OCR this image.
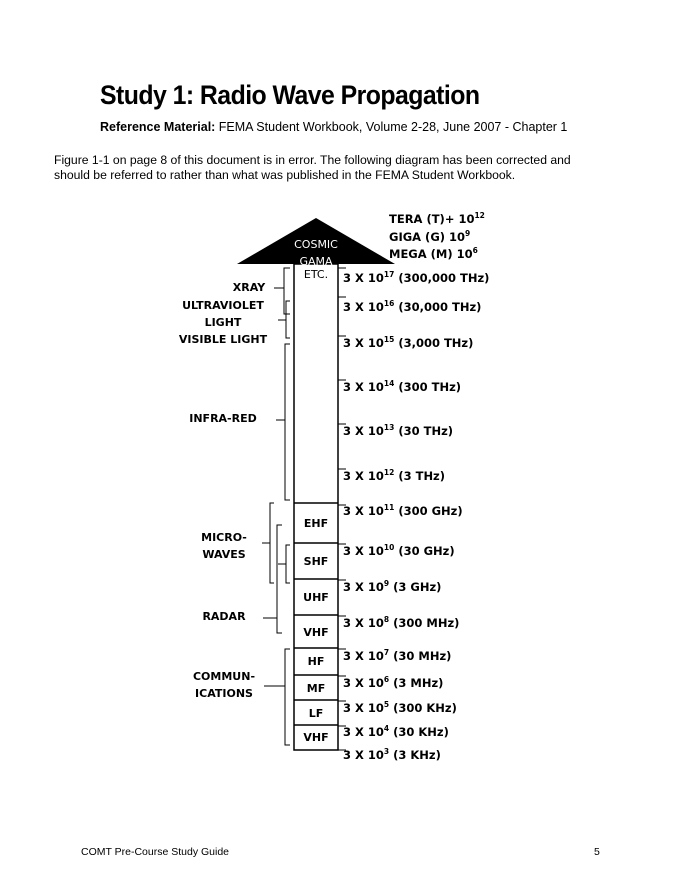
Study 1: Radio Wave Propagation
Reference Material: FEMA Student Workbook, Volume 2-28, June 2007 - Chapter 1
Figure 1-1 on page 8 of this document is in error. The following diagram has been corrected and
should be referred to rather than what was published in the FEMA Student Workbook.
TERA $(T)+ 10^{12}$
GIGA (G) $10^9$
MEGA (M) $10^6$
COSMIC
GAMA
ETC.
EHF
SHF
UHF
VHF
HF
MF
LF
VHF
XRAY
ULTRAVIOLET
LIGHT
VISIBLE LIGHT
INFRA-RED
MICRO-
WAVES
RADAR
COMMUN-
ICATIONS
3 X $10^{17}$ (300,000 THz)
3 X $10^{16}$ (30,000 THz)
3 X $10^{15}$ (3,000 THz)
3 X $10^{14}$ (300 THz)
3 X $10^{13}$ (30 THz)
3 X $10^{12}$ (3 THz)
3 X $10^{11}$ (300 GHz)
3 X $10^{10}$ (30 GHz)
3 X $10^9$ (3 GHz)
3 X $10^8$ (300 MHz)
3 X $10^7$ (30 MHz)
3 X $10^6$ (3 MHz)
3 X $10^5$ (300 KHz)
3 X $10^4$ (30 KHz)
3 X $10^3$ (3 KHz)
COMT Pre-Course Study Guide	5
